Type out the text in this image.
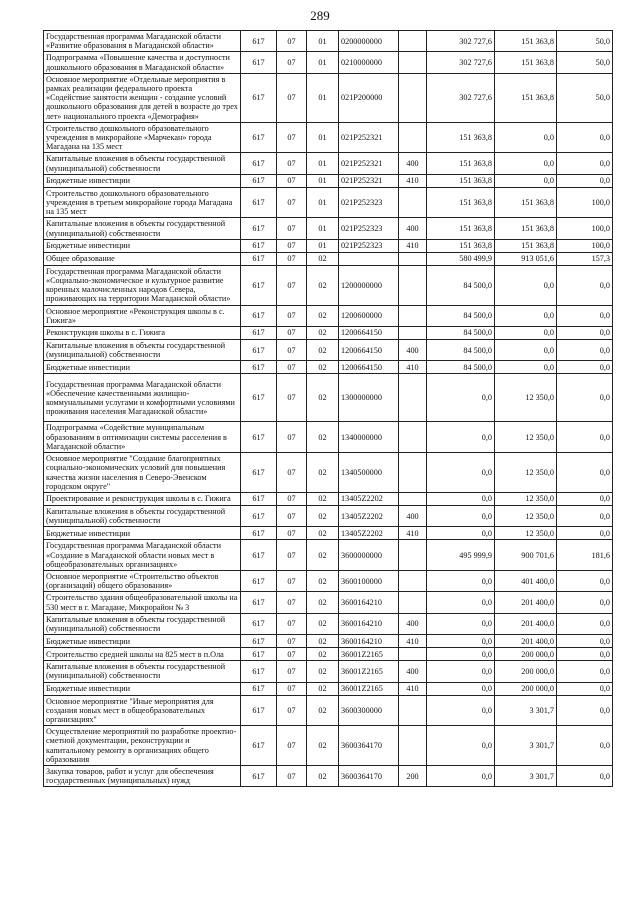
289
Государственная программа Магаданской области «Развитие образования в Магаданской области»	617	07	01	0200000000		302 727,6	151 363,8	50,0
Подпрограмма «Повышение качества и доступности дошкольного образования в Магаданской области»	617	07	01	0210000000		302 727,6	151 363,8	50,0
Основное мероприятие «Отдельные мероприятия в рамках реализации федерального проекта «Содействие занятости женщин - создание условий дошкольного образования для детей в возрасте до трех лет» национального проекта «Демография»	617	07	01	021P200000		302 727,6	151 363,8	50,0
Строительство дошкольного образовательного учреждения в микрорайоне «Марчекан» города Магадана на 135 мест	617	07	01	021P252321		151 363,8	0,0	0,0
Капитальные вложения в объекты государственной (муниципальной) собственности	617	07	01	021P252321	400	151 363,8	0,0	0,0
Бюджетные инвестиции	617	07	01	021P252321	410	151 363,8	0,0	0,0
Строительство дошкольного образовательного учреждения в третьем микрорайоне города Магадана на 135 мест	617	07	01	021P252323		151 363,8	151 363,8	100,0
Капитальные вложения в объекты государственной (муниципальной) собственности	617	07	01	021P252323	400	151 363,8	151 363,8	100,0
Бюджетные инвестиции	617	07	01	021P252323	410	151 363,8	151 363,8	100,0
Общее образование	617	07	02			580 499,9	913 051,6	157,3
Государственная программа Магаданской области «Социально-экономическое и культурное развитие коренных малочисленных народов Севера, проживающих на территории Магаданской области»	617	07	02	1200000000		84 500,0	0,0	0,0
Основное мероприятие «Реконструкция школы в с. Гижига»	617	07	02	1200600000		84 500,0	0,0	0,0
Реконструкция школы в с. Гижига	617	07	02	1200664150		84 500,0	0,0	0,0
Капитальные вложения в объекты государственной (муниципальной) собственности	617	07	02	1200664150	400	84 500,0	0,0	0,0
Бюджетные инвестиции	617	07	02	1200664150	410	84 500,0	0,0	0,0
Государственная программа Магаданской области «Обеспечение качественными жилищно-коммунальными услугами и комфортными условиями проживания населения Магаданской области»	617	07	02	1300000000		0,0	12 350,0	0,0
Подпрограмма «Содействие муниципальным образованиям в оптимизации системы расселения в Магаданской области»	617	07	02	1340000000		0,0	12 350,0	0,0
Основное мероприятие "Создание благоприятных социально-экономических условий для повышения качества жизни населения в Северо-Эвенском городском округе"	617	07	02	1340500000		0,0	12 350,0	0,0
Проектирование и реконструкция школы в с. Гижига	617	07	02	13405Z2202		0,0	12 350,0	0,0
Капитальные вложения в объекты государственной (муниципальной) собственности	617	07	02	13405Z2202	400	0,0	12 350,0	0,0
Бюджетные инвестиции	617	07	02	13405Z2202	410	0,0	12 350,0	0,0
Государственная программа Магаданской области «Создание в Магаданской области новых мест в общеобразовательных организациях»	617	07	02	3600000000		495 999,9	900 701,6	181,6
Основное мероприятие «Строительство объектов (организаций) общего образования»	617	07	02	3600100000		0,0	401 400,0	0,0
Строительство здания общеобразовательной школы на 530 мест в г. Магадане, Микрорайон № 3	617	07	02	3600164210		0,0	201 400,0	0,0
Капитальные вложения в объекты государственной (муниципальной) собственности	617	07	02	3600164210	400	0,0	201 400,0	0,0
Бюджетные инвестиции	617	07	02	3600164210	410	0,0	201 400,0	0,0
Строительство средней школы на 825 мест в п.Ола	617	07	02	36001Z2165		0,0	200 000,0	0,0
Капитальные вложения в объекты государственной (муниципальной) собственности	617	07	02	36001Z2165	400	0,0	200 000,0	0,0
Бюджетные инвестиции	617	07	02	36001Z2165	410	0,0	200 000,0	0,0
Основное мероприятие "Иные мероприятия для создания новых мест в общеобразовательных организациях"	617	07	02	3600300000		0,0	3 301,7	0,0
Осуществление мероприятий по разработке проектно-сметной документации, реконструкции и капитальному ремонту в организациях общего образования	617	07	02	3600364170		0,0	3 301,7	0,0
Закупка товаров, работ и услуг для обеспечения государственных (муниципальных) нужд	617	07	02	3600364170	200	0,0	3 301,7	0,0
